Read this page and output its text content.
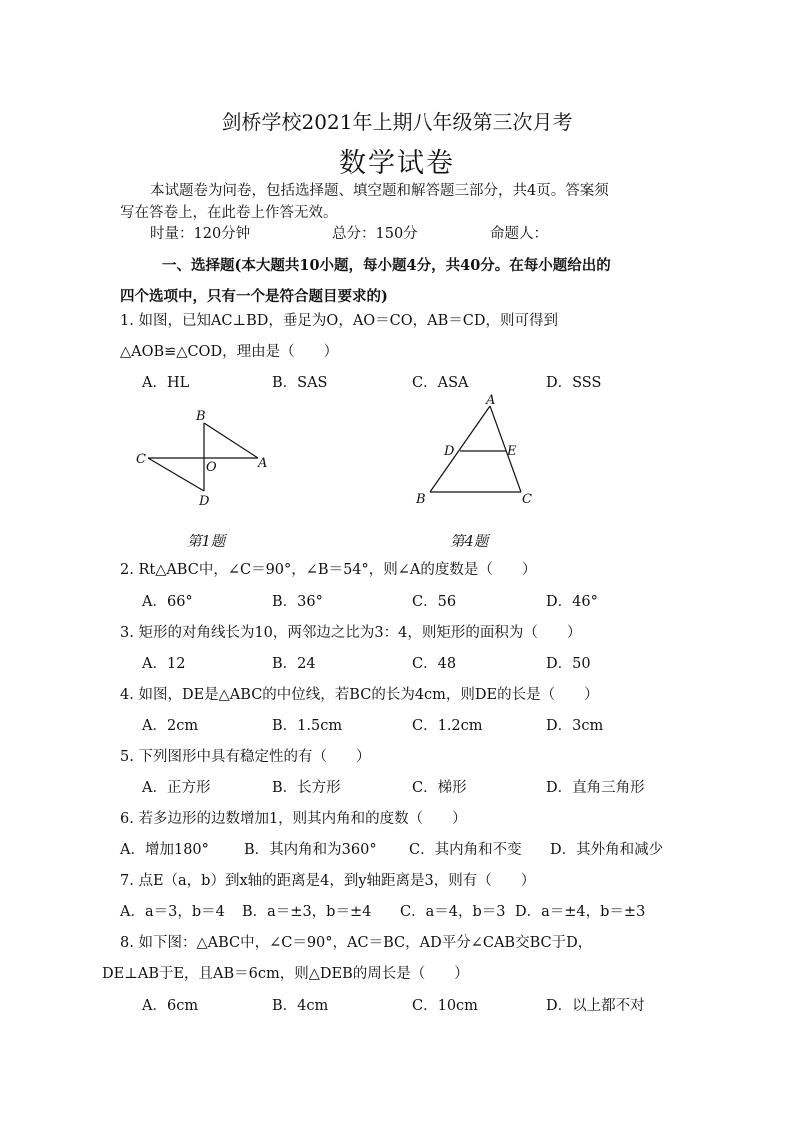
剑桥学校2021年上期八年级第三次月考
数学试卷
本试题卷为问卷，包括选择题、填空题和解答题三部分，共4页。答案须
写在答卷上，在此卷上作答无效。
时量：120分钟	总分：150分	命题人：
一、选择题(本大题共10小题，每小题4分，共40分。在每小题给出的
四个选项中，只有一个是符合题目要求的)
1. 如图，已知AC⊥BD，垂足为O，AO＝CO，AB＝CD，则可得到
△AOB≌△COD，理由是（　　）
A．HL	B．SAS	C．ASA	D．SSS
B
C
O	A
D
A
D	E
B	C
第1题	第4题
2. Rt△ABC中，∠C＝90°，∠B＝54°，则∠A的度数是（　　）
A．66°	B．36°	C．56	D．46°
3. 矩形的对角线长为10，两邻边之比为3：4，则矩形的面积为（　　）
A．12	B．24	C．48	D．50
4. 如图，DE是△ABC的中位线，若BC的长为4cm，则DE的长是（　　）
A．2cm	B．1.5cm	C．1.2cm	D．3cm
5. 下列图形中具有稳定性的有（　　）
A．正方形	B．长方形	C．梯形	D．直角三角形
6. 若多边形的边数增加1，则其内角和的度数（　　）
A．增加180° B．其内角和为360° C．其内角和不变 D．其外角和减少
7. 点E（a，b）到x轴的距离是4，到y轴距离是3，则有（　　）
A．a＝3，b＝4 B．a＝±3，b＝±4 C．a＝4，b＝3 D．a＝±4，b＝±3
8. 如下图：△ABC中，∠C＝90°，AC＝BC，AD平分∠CAB交BC于D，
DE⊥AB于E，且AB＝6cm，则△DEB的周长是（　　）
A．6cm	B．4cm	C．10cm	D．以上都不对
